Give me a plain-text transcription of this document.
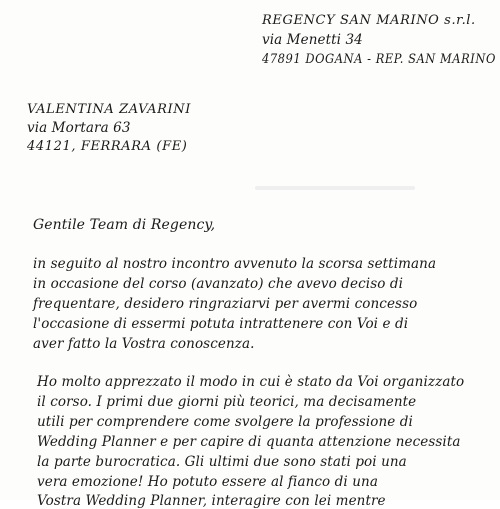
REGENCY SAN MARINO s.r.l.
via Menetti 34
47891 DOGANA - REP. SAN MARINO
VALENTINA ZAVARINI
via Mortara 63
44121, FERRARA (FE)
Gentile Team di Regency,
in seguito al nostro incontro avvenuto la scorsa settimana
in occasione del corso (avanzato) che avevo deciso di
frequentare, desidero ringraziarvi per avermi concesso
l'occasione di essermi potuta intrattenere con Voi e di
aver fatto la Vostra conoscenza.
Ho molto apprezzato il modo in cui è stato da Voi organizzato
il corso. I primi due giorni più teorici, ma decisamente
utili per comprendere come svolgere la professione di
Wedding Planner e per capire di quanta attenzione necessita
la parte burocratica. Gli ultimi due sono stati poi una
vera emozione! Ho potuto essere al fianco di una
Vostra Wedding Planner, interagire con lei mentre
